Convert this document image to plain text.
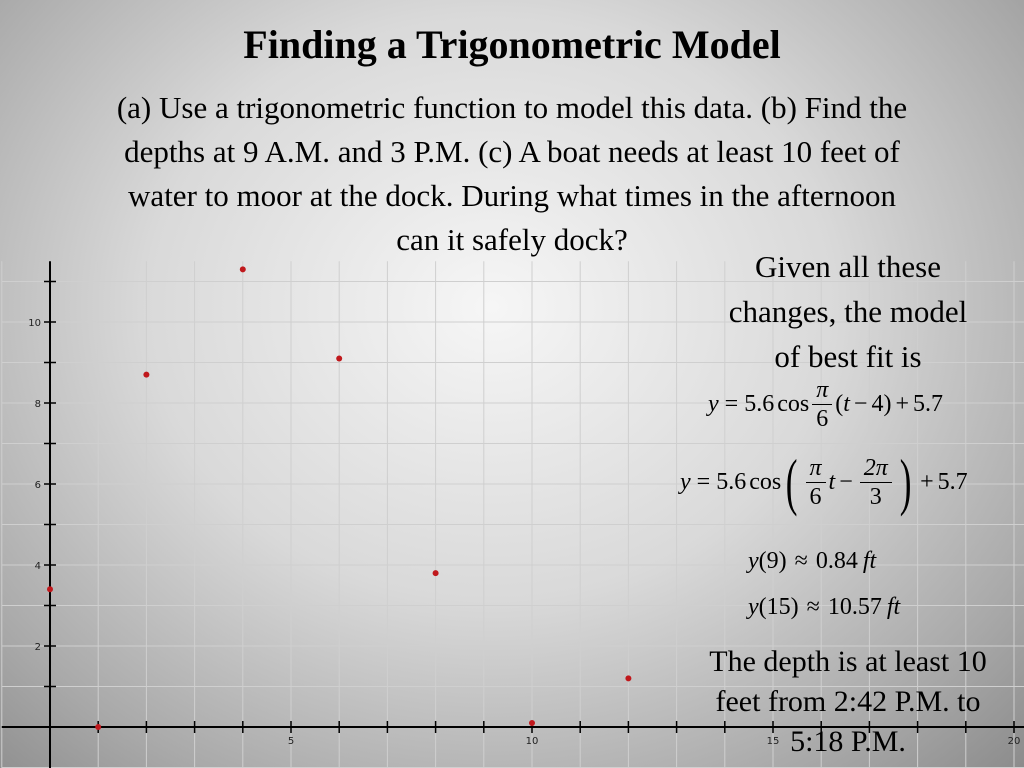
Finding a Trigonometric Model
(a) Use a trigonometric function to model this data. (b) Find the
depths at 9 A.M. and 3 P.M. (c) A boat needs at least 10 feet of
water to moor at the dock. During what times in the afternoon
can it safely dock?
2
4
6
8
10
5	10	15	20
Given all these
changes, the model
of best fit is
y = 5.6 $\cos \frac{\pi}{6}$ ( t − 4 ) + 5.7
y = 5.6 cos ( $\frac{\pi}{6}$ $t - \frac{2\pi}{3}$ ) + 5.7
y (9) ≈ 0.84 ft
y (15) ≈ 10.57 ft
The depth is at least 10
feet from 2:42 P.M. to
5:18 P.M.
